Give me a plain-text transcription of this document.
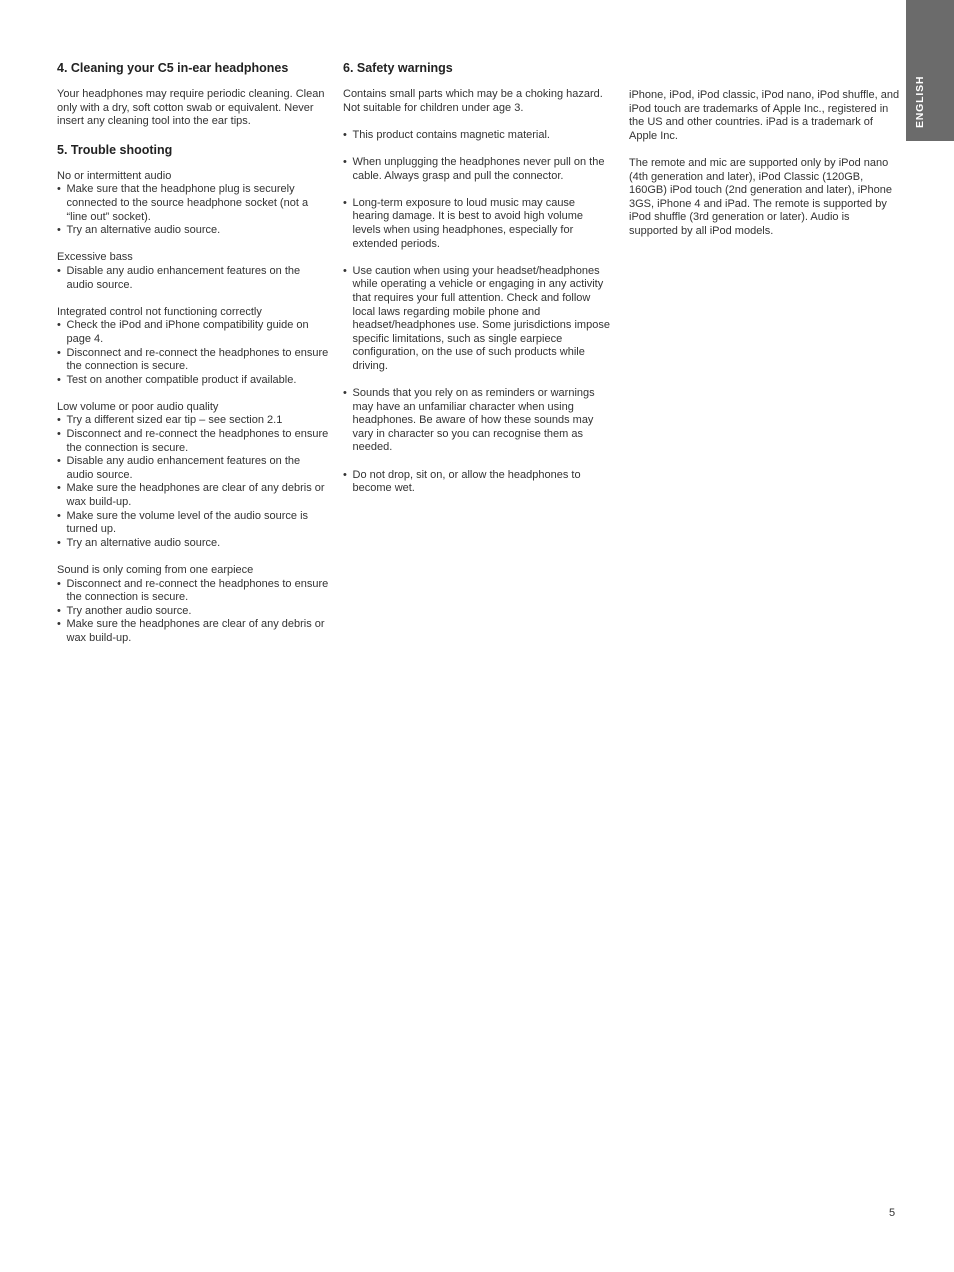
ENGLISH
4. Cleaning your C5 in-ear headphones

Your headphones may require periodic cleaning. Clean only with a dry, soft cotton swab or equivalent. Never insert any cleaning tool into the ear tips.

5. Trouble shooting

No or intermittent audio

• Make sure that the headphone plug is securely connected to the source headphone socket (not a “line out” socket).
• Try an alternative audio source.

Excessive bass

• Disable any audio enhancement features on the audio source.

Integrated control not functioning correctly

• Check the iPod and iPhone compatibility guide on page 4.
• Disconnect and re-connect the headphones to ensure the connection is secure.
• Test on another compatible product if available.

Low volume or poor audio quality

• Try a different sized ear tip – see section 2.1
• Disconnect and re-connect the headphones to ensure the connection is secure.
• Disable any audio enhancement features on the audio source.
• Make sure the headphones are clear of any debris or wax build-up.
• Make sure the volume level of the audio source is turned up.
• Try an alternative audio source.

Sound is only coming from one earpiece

• Disconnect and re-connect the headphones to ensure the connection is secure.
• Try another audio source.
• Make sure the headphones are clear of any debris or wax build-up.
6. Safety warnings

Contains small parts which may be a choking hazard. Not suitable for children under age 3.

• This product contains magnetic material.
• When unplugging the headphones never pull on the cable. Always grasp and pull the connector.
• Long-term exposure to loud music may cause hearing damage. It is best to avoid high volume levels when using headphones, especially for extended periods.
• Use caution when using your headset/headphones while operating a vehicle or engaging in any activity that requires your full attention. Check and follow local laws regarding mobile phone and headset/headphones use. Some jurisdictions impose specific limitations, such as single earpiece configuration, on the use of such products while driving.
• Sounds that you rely on as reminders or warnings may have an unfamiliar character when using headphones. Be aware of how these sounds may vary in character so you can recognise them as needed.
• Do not drop, sit on, or allow the headphones to become wet.

iPhone, iPod, iPod classic, iPod nano, iPod shuffle, and iPod touch are trademarks of Apple Inc., registered in the US and other countries. iPad is a trademark of Apple Inc.

The remote and mic are supported only by iPod nano (4th generation and later), iPod Classic (120GB, 160GB) iPod touch (2nd generation and later), iPhone 3GS, iPhone 4 and iPad. The remote is supported by iPod shuffle (3rd generation or later). Audio is supported by all iPod models.

5
